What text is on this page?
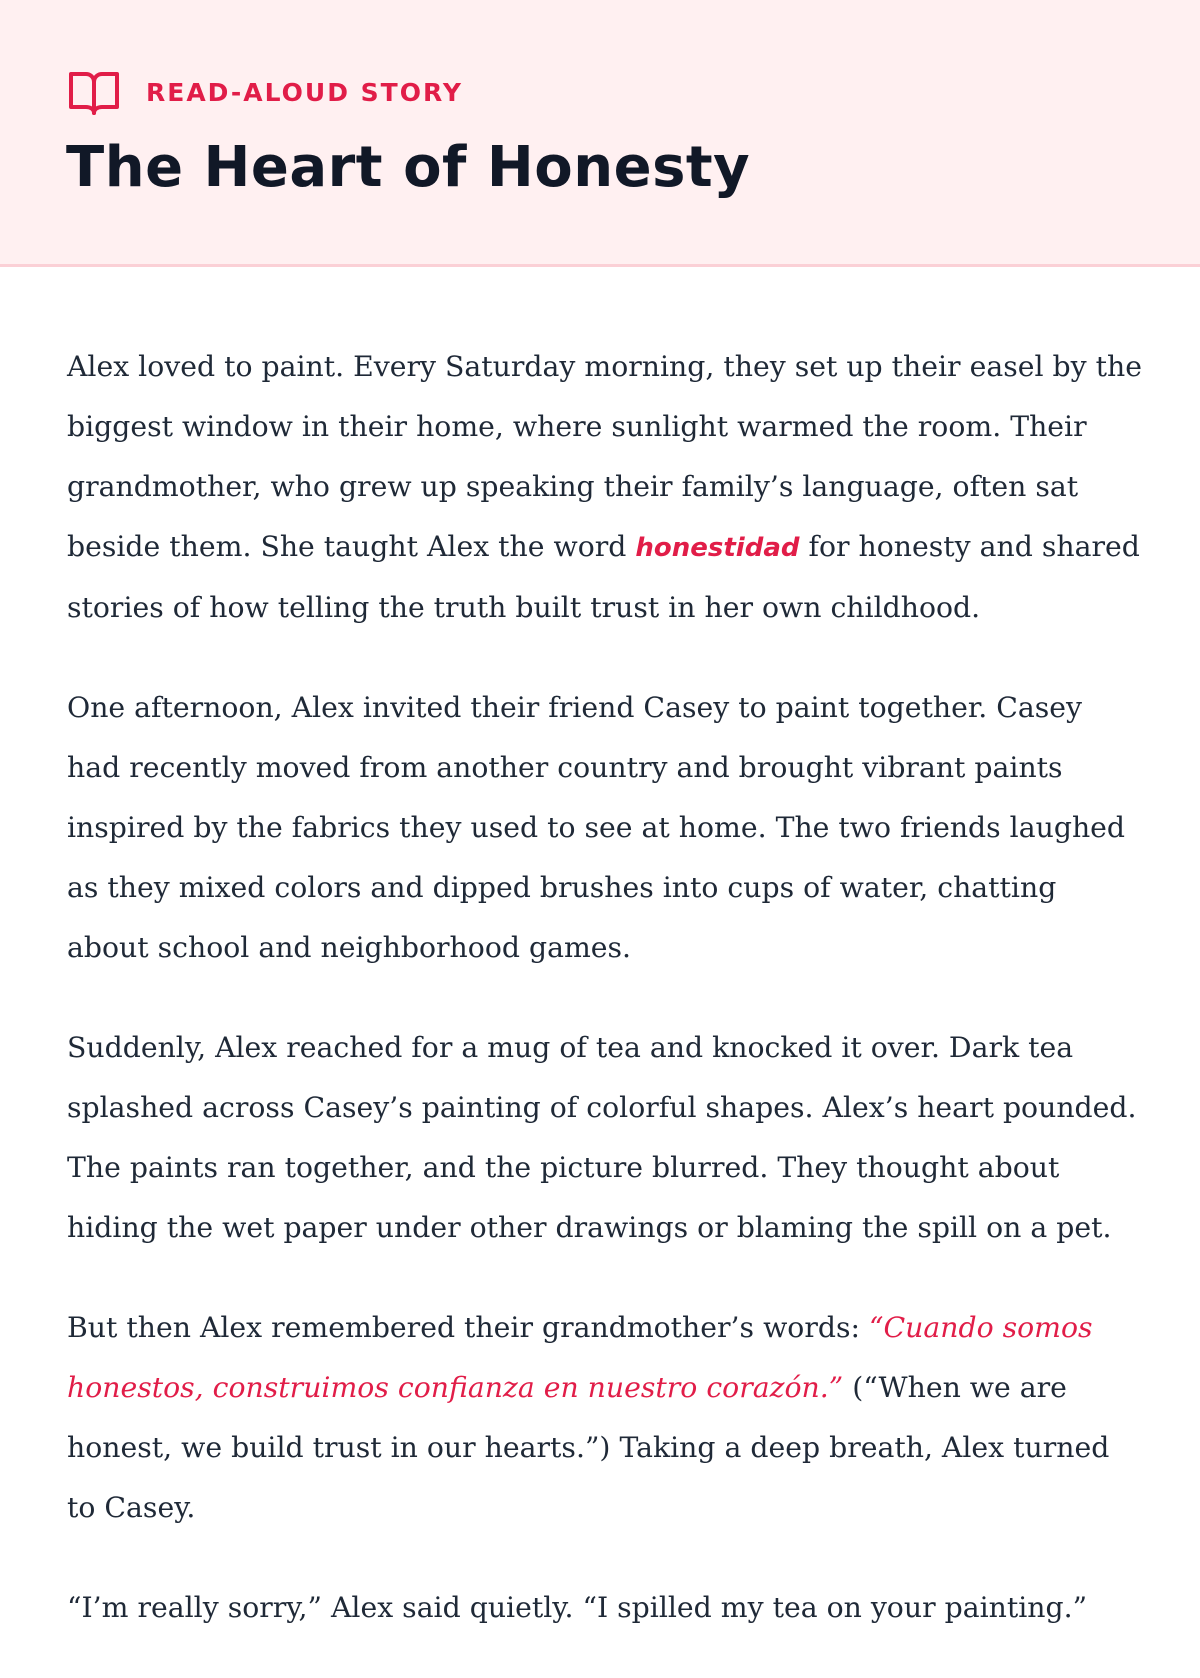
READ-ALOUD STORY
The Heart of Honesty

Alex loved to paint. Every Saturday morning, they set up their easel by the biggest window in their home, where sunlight warmed the room. Their grandmother, who grew up speaking their family’s language, often sat beside them. She taught Alex the word honestidad for honesty and shared stories of how telling the truth built trust in her own childhood.

One afternoon, Alex invited their friend Casey to paint together. Casey had recently moved from another country and brought vibrant paints inspired by the fabrics they used to see at home. The two friends laughed as they mixed colors and dipped brushes into cups of water, chatting about school and neighborhood games.

Suddenly, Alex reached for a mug of tea and knocked it over. Dark tea splashed across Casey’s painting of colorful shapes. Alex’s heart pounded. The paints ran together, and the picture blurred. They thought about hiding the wet paper under other drawings or blaming the spill on a pet.

But then Alex remembered their grandmother’s words: “Cuando somos honestos, construimos confianza en nuestro corazón.” (“When we are honest, we build trust in our hearts.”) Taking a deep breath, Alex turned to Casey.

“I’m really sorry,” Alex said quietly. “I spilled my tea on your painting.”
